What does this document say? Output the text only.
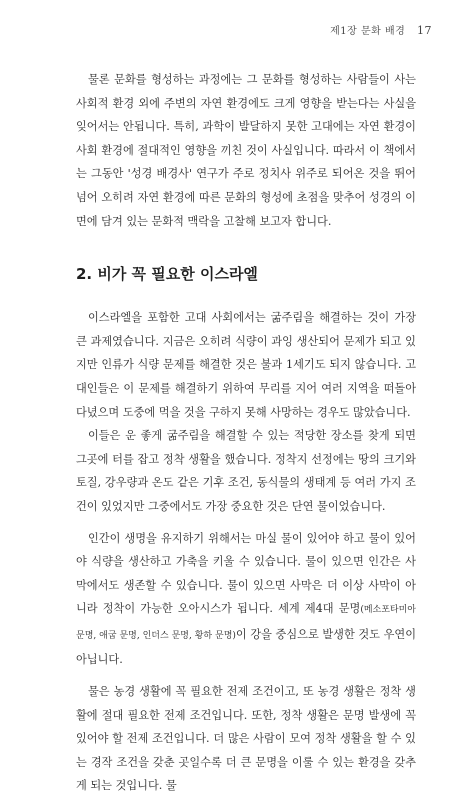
제1장 문화 배경 17

물론 문화를 형성하는 과정에는 그 문화를 형성하는 사람들이 사는 사회적 환경 외에 주변의 자연 환경에도 크게 영향을 받는다는 사실을 잊어서는 안됩니다. 특히, 과학이 발달하지 못한 고대에는 자연 환경이 사회 환경에 절대적인 영향을 끼친 것이 사실입니다. 따라서 이 책에서는 그동안 '성경 배경사' 연구가 주로 정치사 위주로 되어온 것을 뛰어넘어 오히려 자연 환경에 따른 문화의 형성에 초점을 맞추어 성경의 이면에 담겨 있는 문화적 맥락을 고찰해 보고자 합니다.

2. 비가 꼭 필요한 이스라엘

이스라엘을 포함한 고대 사회에서는 굶주림을 해결하는 것이 가장 큰 과제였습니다. 지금은 오히려 식량이 과잉 생산되어 문제가 되고 있지만 인류가 식량 문제를 해결한 것은 불과 1세기도 되지 않습니다. 고대인들은 이 문제를 해결하기 위하여 무리를 지어 여러 지역을 떠돌아다녔으며 도중에 먹을 것을 구하지 못해 사망하는 경우도 많았습니다.

이들은 운 좋게 굶주림을 해결할 수 있는 적당한 장소를 찾게 되면 그곳에 터를 잡고 정착 생활을 했습니다. 정착지 선정에는 땅의 크기와 토질, 강우량과 온도 같은 기후 조건, 동식물의 생태계 등 여러 가지 조건이 있었지만 그중에서도 가장 중요한 것은 단연 물이었습니다.

인간이 생명을 유지하기 위해서는 마실 물이 있어야 하고 물이 있어야 식량을 생산하고 가축을 키울 수 있습니다. 물이 있으면 인간은 사막에서도 생존할 수 있습니다. 물이 있으면 사막은 더 이상 사막이 아니라 정착이 가능한 오아시스가 됩니다. 세계 제4대 문명(메소포타미아 문명, 애굽 문명, 인더스 문명, 황하 문명)이 강을 중심으로 발생한 것도 우연이 아닙니다.

물은 농경 생활에 꼭 필요한 전제 조건이고, 또 농경 생활은 정착 생활에 절대 필요한 전제 조건입니다. 또한, 정착 생활은 문명 발생에 꼭 있어야 할 전제 조건입니다. 더 많은 사람이 모여 정착 생활을 할 수 있는 경작 조건을 갖춘 곳일수록 더 큰 문명을 이룰 수 있는 환경을 갖추게 되는 것입니다. 물
